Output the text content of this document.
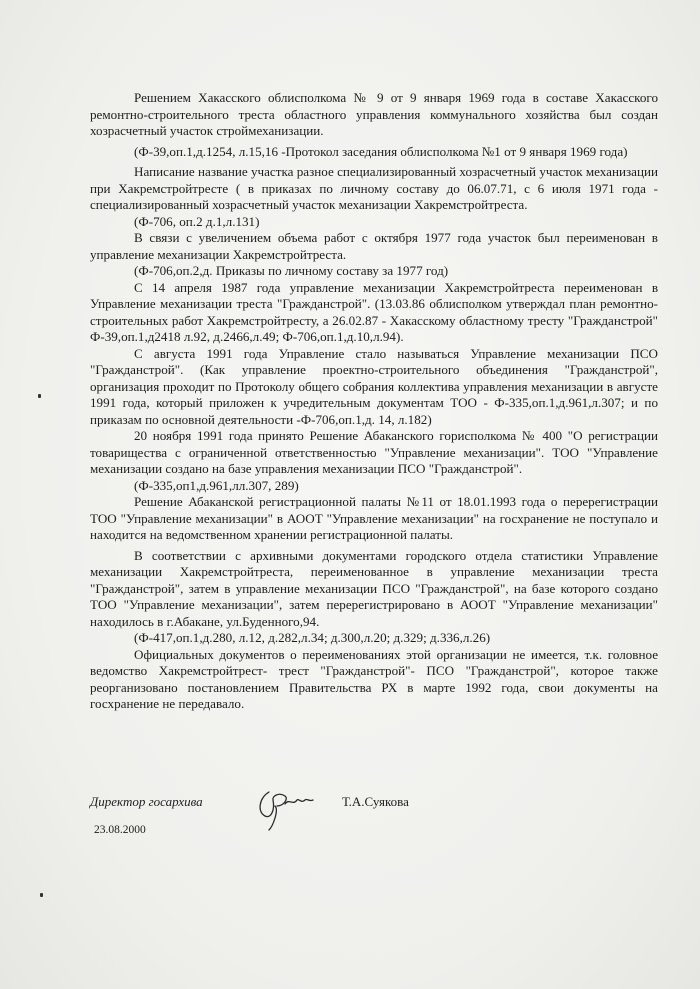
Решением Хакасского облисполкома № 9 от 9 января 1969 года в составе Хакасского ремонтно-строительного треста областного управления коммунального хозяйства был создан хозрасчетный участок строймеханизации.

(Ф-39,оп.1,д.1254, л.15,16 -Протокол заседания облисполкома №1 от 9 января 1969 года)

Написание название участка разное специализированный хозрасчетный участок механизации при Хакремстройтресте ( в приказах по личному составу до 06.07.71, с 6 июля 1971 года - специализированный хозрасчетный участок механизации Хакремстройтреста.

(Ф-706, оп.2 д.1,л.131)

В связи с увеличением объема работ с октября 1977 года участок был переименован в управление механизации Хакремстройтреста.

(Ф-706,оп.2,д. Приказы по личному составу за 1977 год)

С 14 апреля 1987 года управление механизации Хакремстройтреста переименован в Управление механизации треста "Гражданстрой". (13.03.86 облисполком утверждал план ремонтно-строительных работ Хакремстройтресту, а 26.02.87 - Хакасскому областному тресту "Гражданстрой" Ф-39,оп.1,д2418 л.92, д.2466,л.49; Ф-706,оп.1,д.10,л.94).

С августа 1991 года Управление стало называться Управление механизации ПСО "Гражданстрой". (Как управление проектно-строительного объединения "Гражданстрой", организация проходит по Протоколу общего собрания коллектива управления механизации в августе 1991 года, который приложен к учредительным документам ТОО - Ф-335,оп.1,д.961,л.307; и по приказам по основной деятельности -Ф-706,оп.1,д. 14, л.182)

20 ноября 1991 года принято Решение Абаканского горисполкома № 400 "О регистрации товарищества с ограниченной ответственностью "Управление механизации". ТОО "Управление механизации создано на базе управления механизации ПСО "Гражданстрой".

(Ф-335,оп1,д.961,лл.307, 289)

Решение Абаканской регистрационной палаты №11 от 18.01.1993 года о перерегистрации ТОО "Управление механизации" в АООТ "Управление механизации" на госхранение не поступало и находится на ведомственном хранении регистрационной палаты.

В соответствии с архивными документами городского отдела статистики Управление механизации Хакремстройтреста, переименованное в управление механизации треста "Гражданстрой", затем в управление механизации ПСО "Гражданстрой", на базе которого создано ТОО "Управление механизации", затем перерегистрировано в АООТ "Управление механизации" находилось в г.Абакане, ул.Буденного,94.

(Ф-417,оп.1,д.280, л.12, д.282,л.34; д.300,л.20; д.329; д.336,л.26)

Официальных документов о переименованиях этой организации не имеется, т.к. головное ведомство Хакремстройтрест- трест "Гражданстрой"- ПСО "Гражданстрой", которое также реорганизовано постановлением Правительства РХ в марте 1992 года, свои документы на госхранение не передавало.

Директор госархива	Т.А.Суякова
23.08.2000
